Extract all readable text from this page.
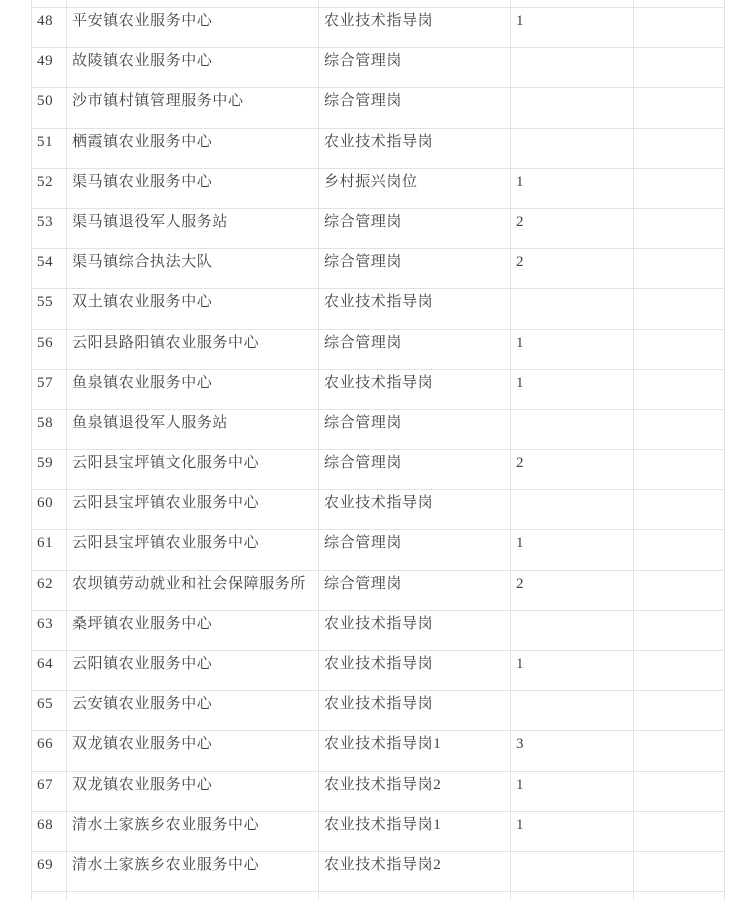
48	平安镇农业服务中心	农业技术指导岗	1
49	故陵镇农业服务中心	综合管理岗
50	沙市镇村镇管理服务中心	综合管理岗
51	栖霞镇农业服务中心	农业技术指导岗
52	渠马镇农业服务中心	乡村振兴岗位	1
53	渠马镇退役军人服务站	综合管理岗	2
54	渠马镇综合执法大队	综合管理岗	2
55	双土镇农业服务中心	农业技术指导岗
56	云阳县路阳镇农业服务中心	综合管理岗	1
57	鱼泉镇农业服务中心	农业技术指导岗	1
58	鱼泉镇退役军人服务站	综合管理岗
59	云阳县宝坪镇文化服务中心	综合管理岗	2
60	云阳县宝坪镇农业服务中心	农业技术指导岗
61	云阳县宝坪镇农业服务中心	综合管理岗	1
62	农坝镇劳动就业和社会保障服务所	综合管理岗	2
63	桑坪镇农业服务中心	农业技术指导岗
64	云阳镇农业服务中心	农业技术指导岗	1
65	云安镇农业服务中心	农业技术指导岗
66	双龙镇农业服务中心	农业技术指导岗1	3
67	双龙镇农业服务中心	农业技术指导岗2	1
68	清水土家族乡农业服务中心	农业技术指导岗1	1
69	清水土家族乡农业服务中心	农业技术指导岗2
